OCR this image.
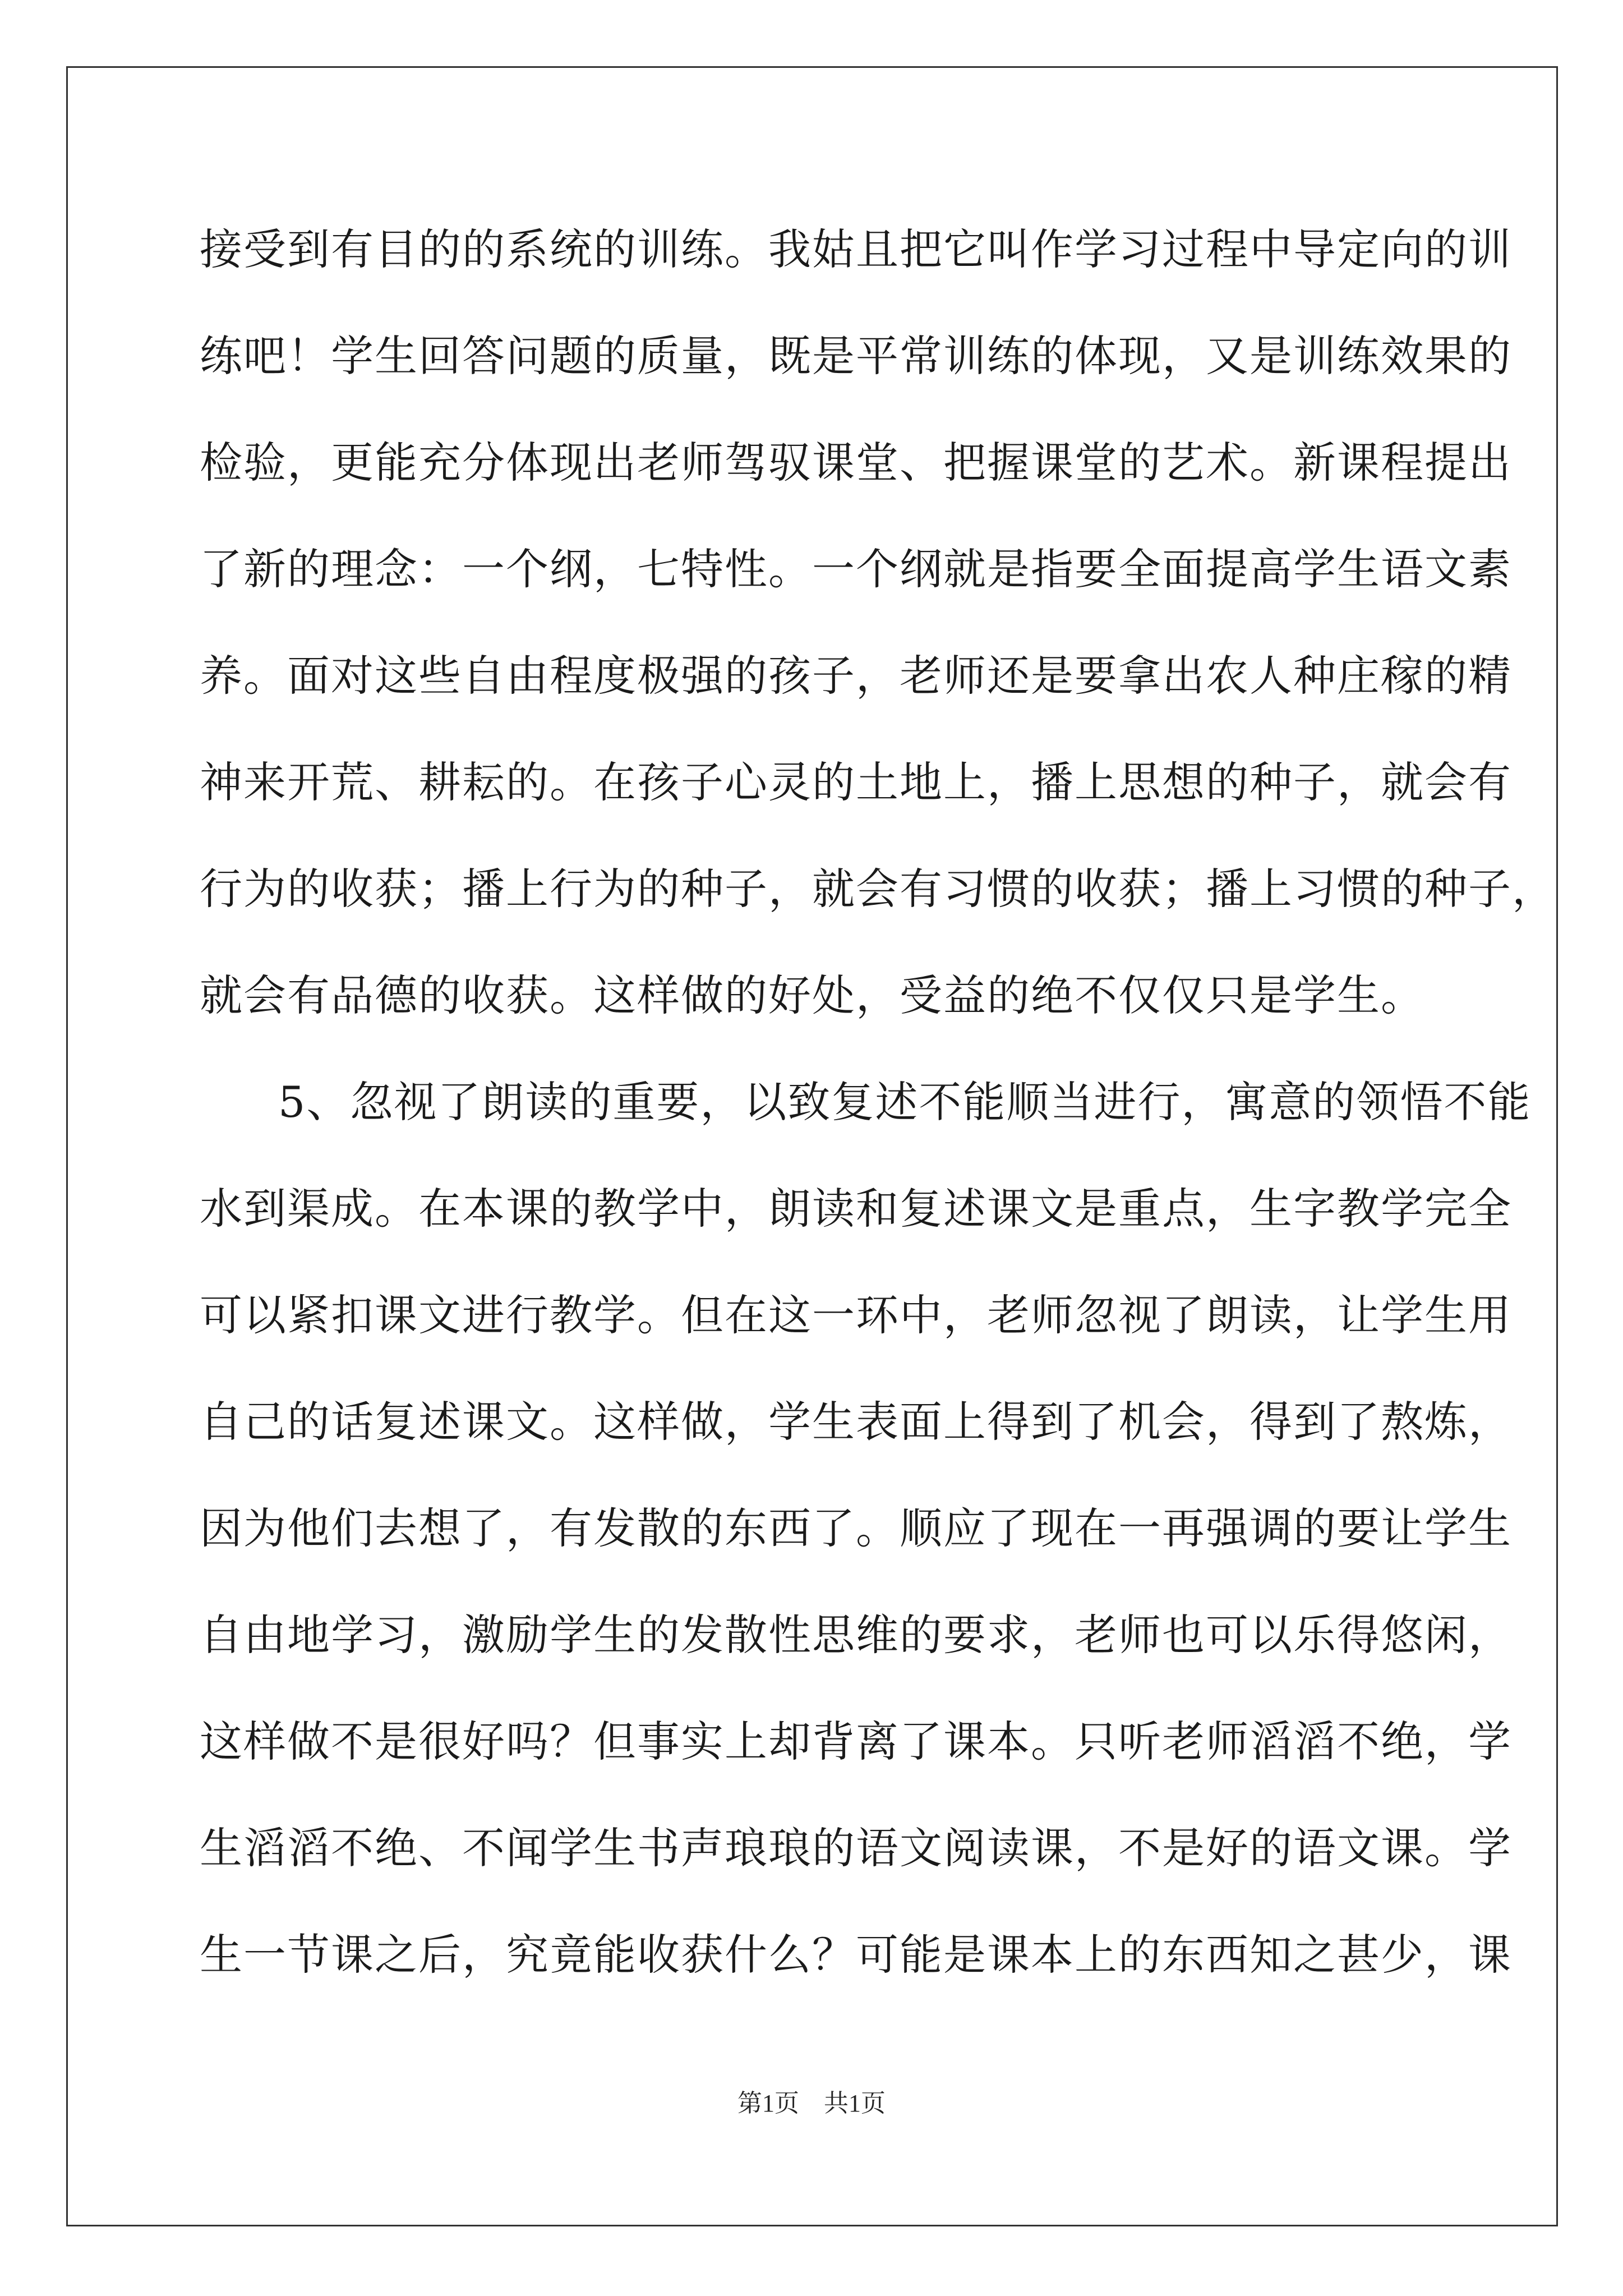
接受到有目的的系统的训练。我姑且把它叫作学习过程中导定向的训
练吧！学生回答问题的质量，既是平常训练的体现，又是训练效果的
检验，更能充分体现出老师驾驭课堂、把握课堂的艺术。新课程提出
了新的理念：一个纲，七特性。一个纲就是指要全面提高学生语文素
养。面对这些自由程度极强的孩子，老师还是要拿出农人种庄稼的精
神来开荒、耕耘的。在孩子心灵的土地上，播上思想的种子，就会有
行为的收获；播上行为的种子，就会有习惯的收获；播上习惯的种子，
就会有品德的收获。这样做的好处，受益的绝不仅仅只是学生。
5、忽视了朗读的重要，以致复述不能顺当进行，寓意的领悟不能
水到渠成。在本课的教学中，朗读和复述课文是重点，生字教学完全
可以紧扣课文进行教学。但在这一环中，老师忽视了朗读，让学生用
自己的话复述课文。这样做，学生表面上得到了机会，得到了熬炼，
因为他们去想了，有发散的东西了。顺应了现在一再强调的要让学生
自由地学习，激励学生的发散性思维的要求，老师也可以乐得悠闲，
这样做不是很好吗？但事实上却背离了课本。只听老师滔滔不绝，学
生滔滔不绝、不闻学生书声琅琅的语文阅读课，不是好的语文课。学
生一节课之后，究竟能收获什么？可能是课本上的东西知之甚少，课
第1页　共1页
